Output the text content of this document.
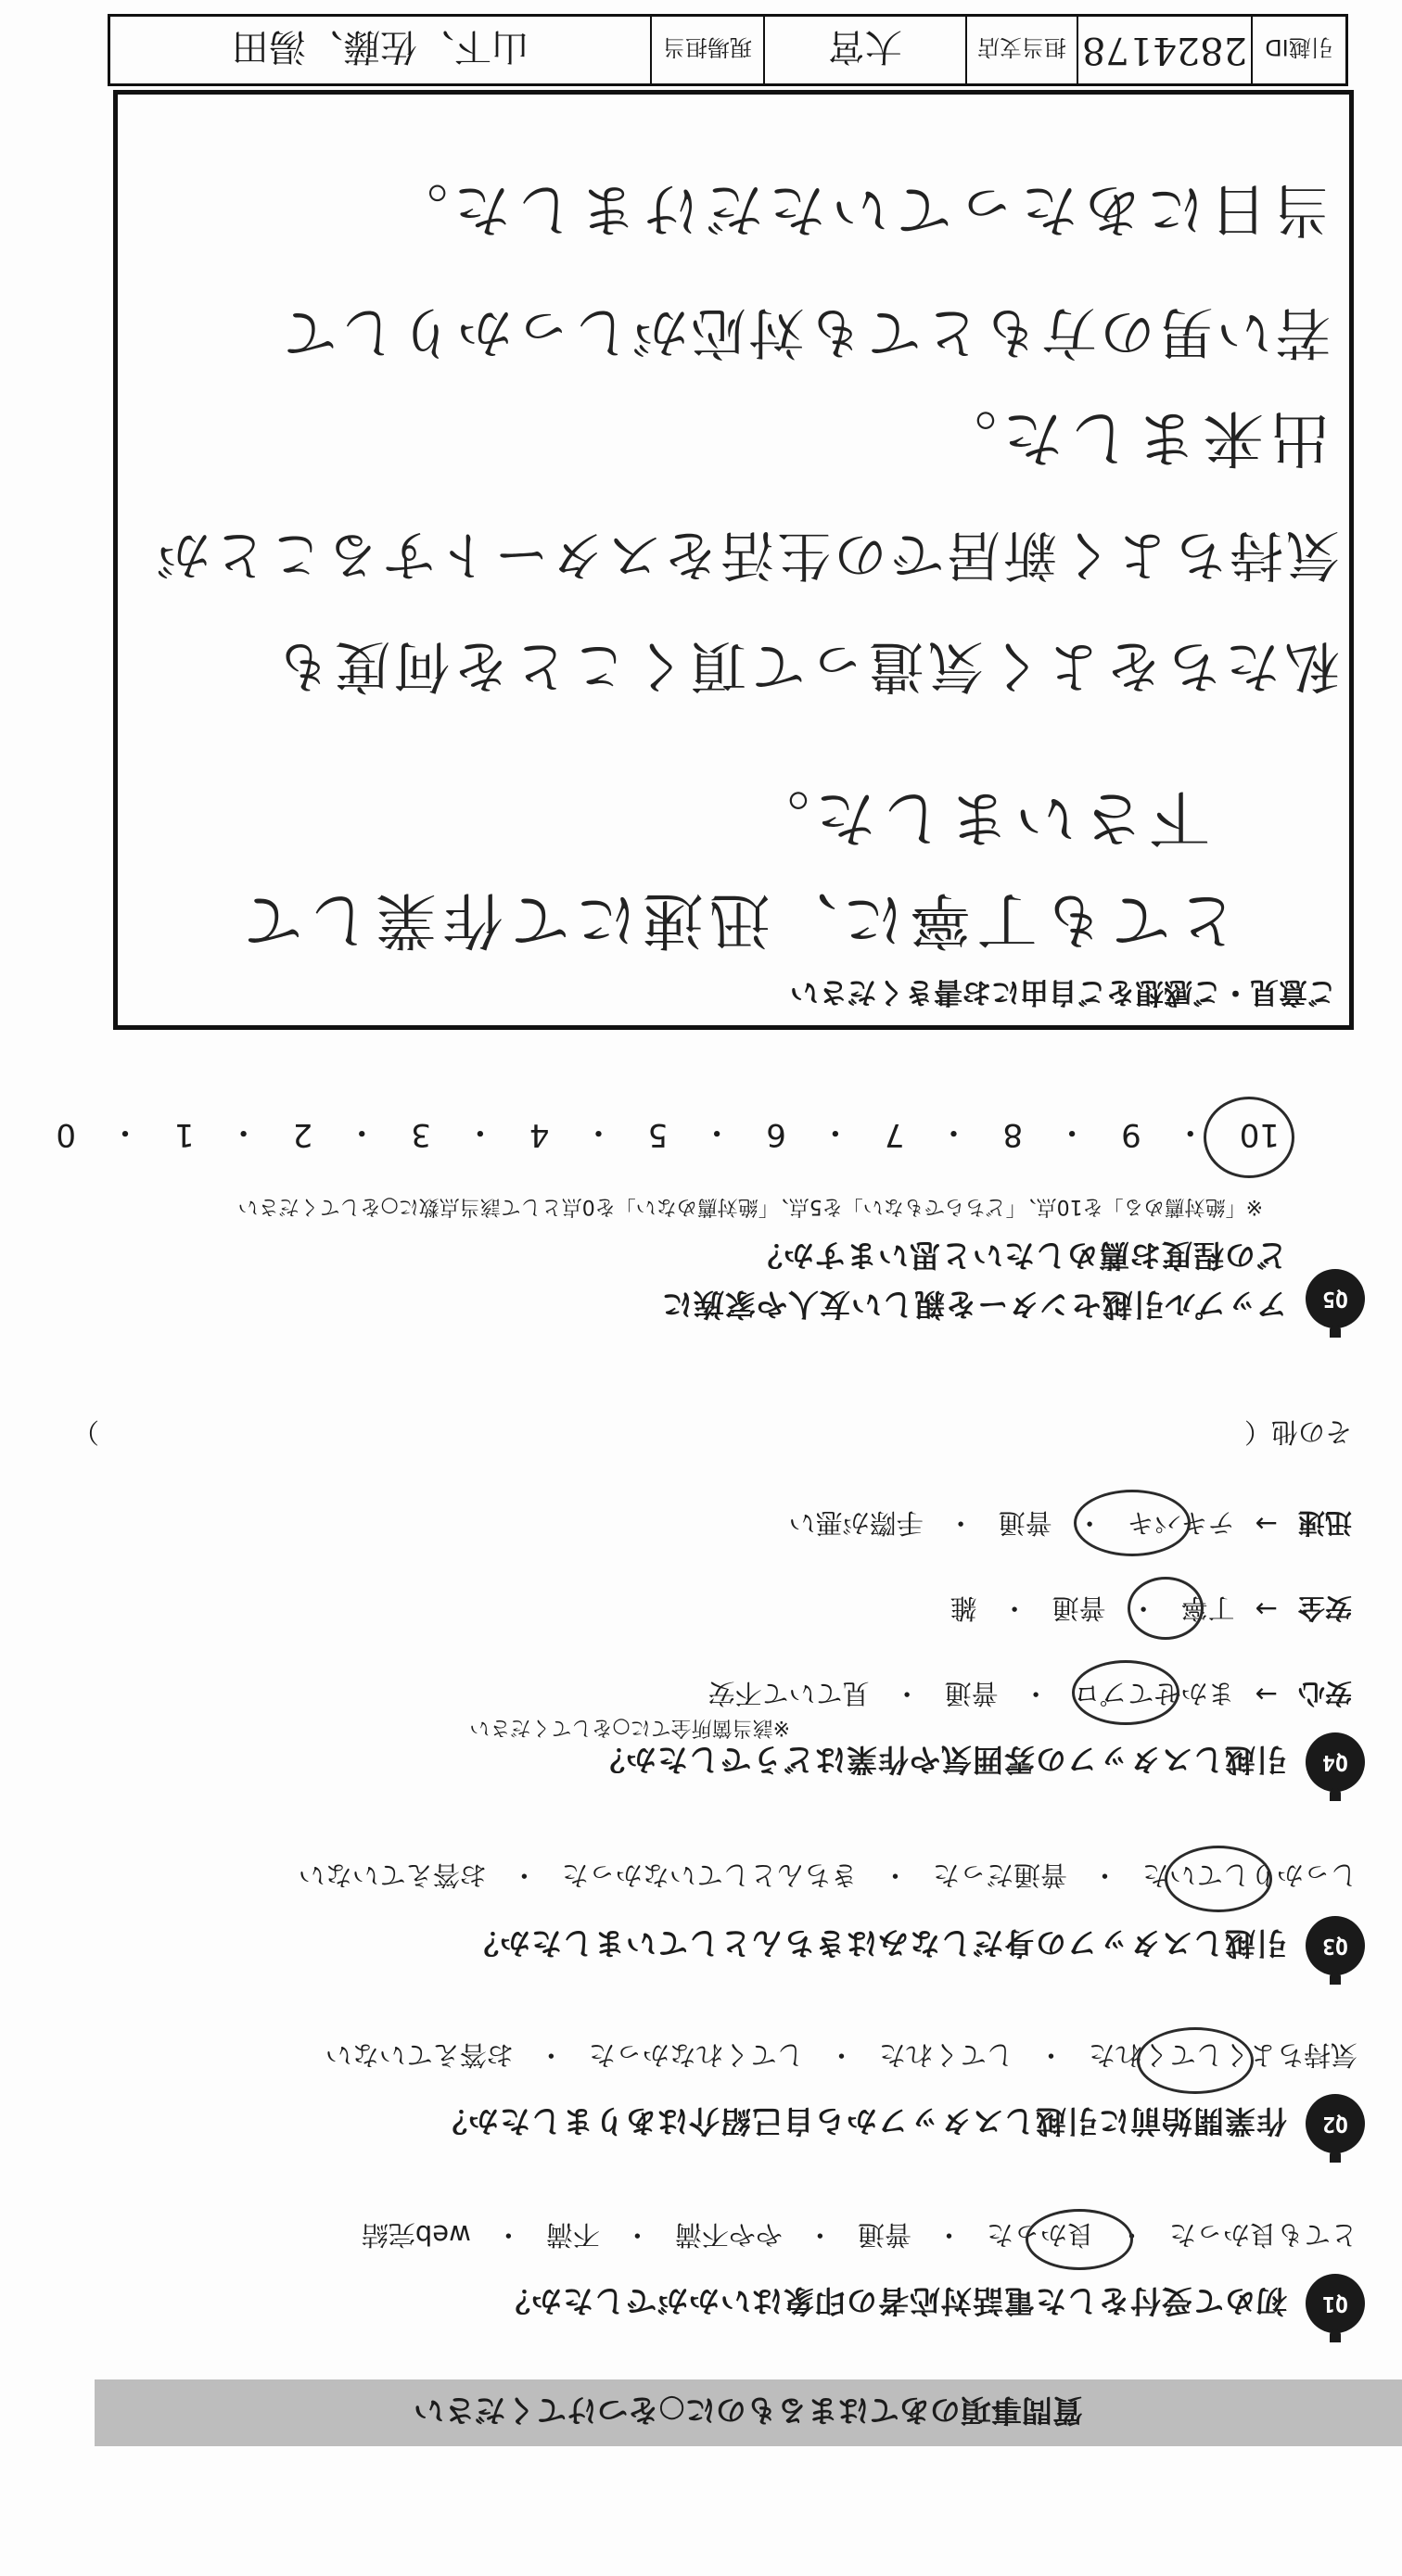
質問事項のあてはまるものに○をつけてください
Q1
初めて受付をした電話対応者の印象はいかがでしたか？
とても良かった
・
良かった
・
普通
・
やや不満
・
不満
・
web完結
Q2
作業開始前に引越しスタッフから自己紹介はありましたか？
気持ちよくしてくれた
・
してくれた
・
してくれなかった
・
お答えていない
Q3
引越しスタッフの身だしなみはきちんとしていましたか？
しっかりしていた
・
普通だった
・
きちんとしていなかった
・
お答えていない
Q4
引越しスタッフの雰囲気や作業はどうでしたか？
※該当箇所全てに○をしてください
安心
→
まかせてプロ
・
普通
・
見ていて不安
安全
→
丁寧
・
普通
・
雑
迅速
→
テキパキ
・
普通
・
手際が悪い
その他（
）
Q5
アップル引越センターを親しい友人や家族に
どの程度お薦めしたいと思いますか？
※「絶対薦める」を10点、「どちらでもない」を5点、「絶対薦めない」を0点として該当点数に○をしてください
10
・
9
・
8
・
7
・
6
・
5
・
4
・
3
・
2
・
1
・
0
ご意見・ご感想をご自由にお書きください
とても丁寧に、迅速にて作業して
下さいました。
私たちをよく気遣って頂くことを何度も
気持ちよく新居での生活をスタートすることが
出来ました。
若い男の方もとても対応がしっかりして
当日にあたっていただけました。
引越ID
2824178
担当支店
大宮
現場担当
山下、佐藤、湯田
